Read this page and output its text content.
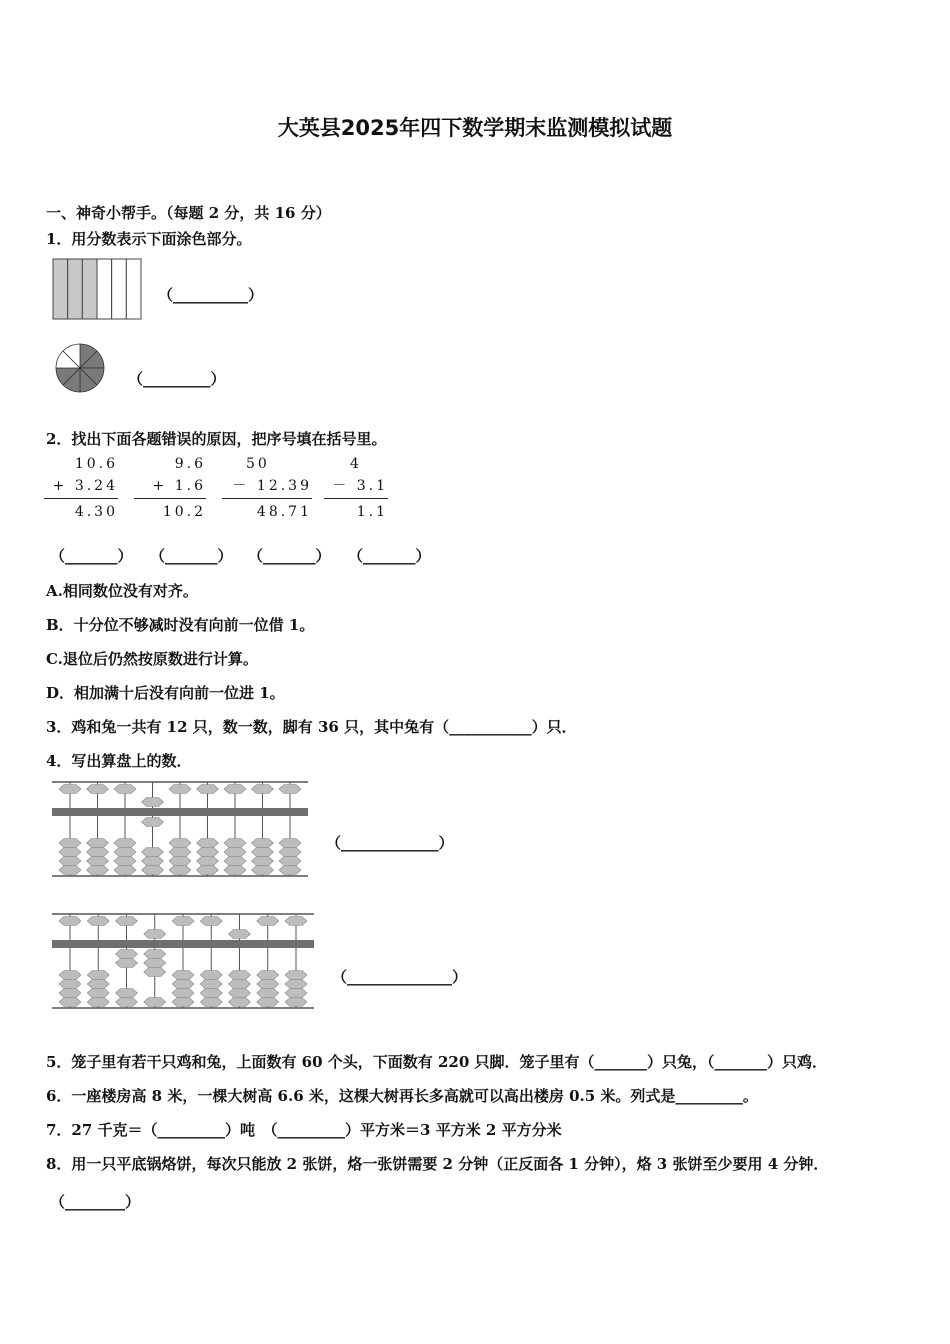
大英县2025年四下数学期末监测模拟试题
一、神奇小帮手。（每题 2 分，共 16 分）
1．用分数表示下面涂色部分。
（__________）
（_________）
2．找出下面各题错误的原因，把序号填在括号里。
10.6
+ 3.24
4.30
9.6
+ 1.6
10.2
50
－ 12.39
48.71
4
－ 3.1
1.1
（_______） （_______） （_______） （_______）
A.相同数位没有对齐。
B．十分位不够减时没有向前一位借 1。
C.退位后仍然按原数进行计算。
D．相加满十后没有向前一位进 1。
3．鸡和兔一共有 12 只，数一数，脚有 36 只，其中兔有（___________）只．
4．写出算盘上的数．
（_____________）
（______________）
5．笼子里有若干只鸡和兔，上面数有 60 个头，下面数有 220 只脚．笼子里有（_______）只兔，（_______）只鸡．
6．一座楼房高 8 米，一棵大树高 6.6 米，这棵大树再长多高就可以高出楼房 0.5 米。列式是_________。
7．27 千克＝（_________）吨　（_________）平方米＝3 平方米 2 平方分米
8．用一只平底锅烙饼，每次只能放 2 张饼，烙一张饼需要 2 分钟（正反面各 1 分钟），烙 3 张饼至少要用 4 分钟．
（________）
